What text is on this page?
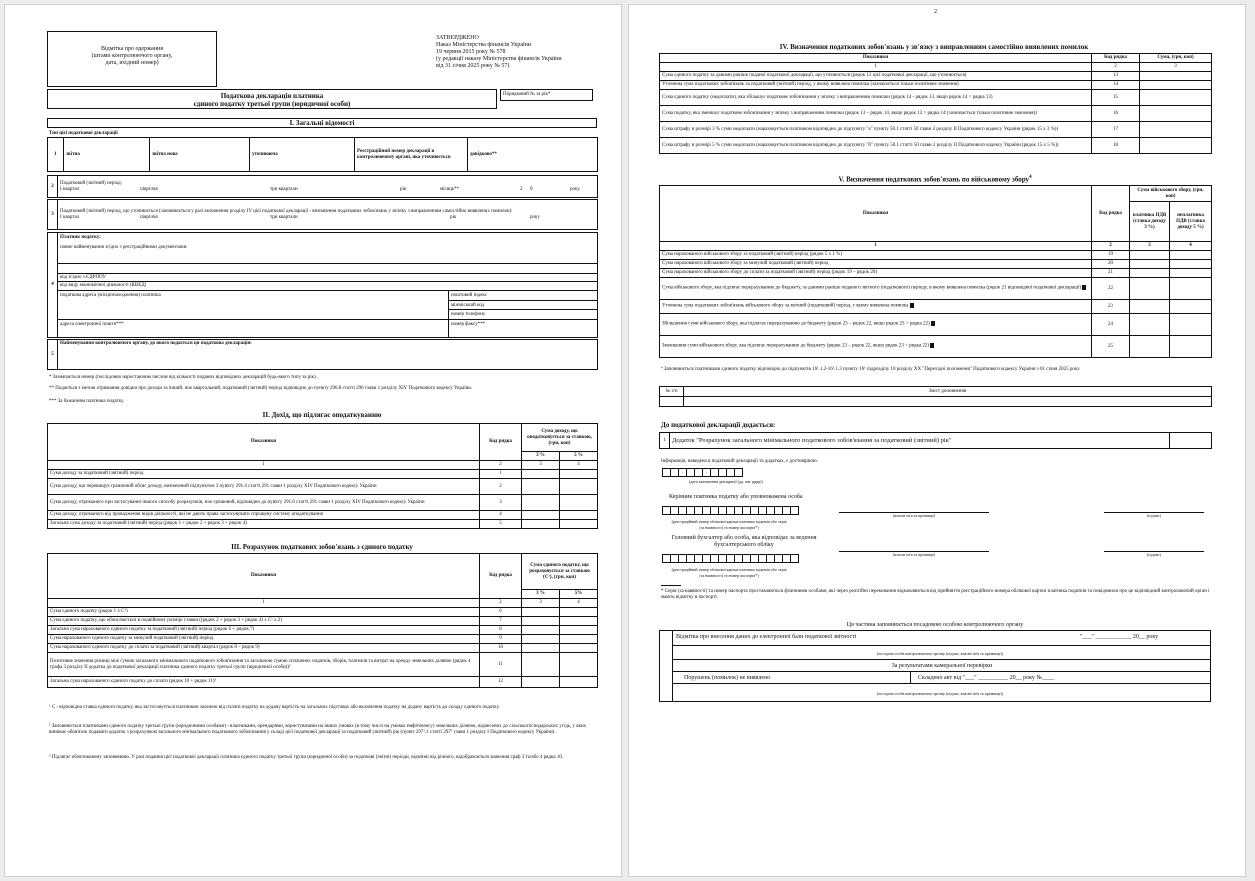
Відмітка про одержання
(штамп контролюючого органу,
дата, вхідний номер)
ЗАТВЕРДЖЕНО
Наказ Міністерства фінансів України
19 червня 2015 року № 578
(у редакції наказу Міністерства фінансів України
від 31 січня 2025 року № 57)
Податкова декларація платника
єдиного податку третьої групи (юридичної особи)
Порядковий № за рік*
I. Загальні відомості
Тип цієї податкової декларації
1	звітна	звітна нова	уточнююча	Реєстраційний номер декларації в контролюючому органі, яка уточнюється	довідково**
2	
Податковий (звітний) період:
I квартал	півріччя	три квартали	рік	місяць**	2	0	року
3	
Податковий (звітний) період, що уточнюється (заповнюється у разі заповнення розділу IV цієї податкової декларації - визначення податкових зобов'язань у зв'язку з виправленням самостійно виявлених помилок):
I квартал	півріччя	три квартали	рік	року
4	
Платник податку:
повне найменування згідно з реєстраційними документами:
код згідно з ЄДРПОУ
код виду економічної діяльності (КВЕД)
податкова адреса (місцезнаходження) платника	поштовий індекс
міжміський код
номер телефону
адреса електронної пошти***	номер факсу***
5	Найменування контролюючого органу, до якого подається ця податкова декларація:
* Зазначається номер (послідовно наростаючим числом від кількості поданих відповідних декларацій будь-якого типу за рік).
** Подається з метою отримання довідки про доходи за інший, ніж квартальний, податковий (звітний) період відповідно до пункту 296.8 статті 296 глави 1 розділу XIV Податкового кодексу України.
*** За бажанням платника податку.
II. Дохід, що підлягає оподаткуванню
Показники	Код рядка	Сума доходу, що оподатковується за ставкою, (грн, коп)	
		3 %	5 %
1	2	3	4
Сума доходу за податковий (звітний) період	1		
Сума доходу, що перевищує граничний обсяг доходу, визначений підпунктом 3 пункту 291.4 статті 291 глави 1 розділу XIV Податкового кодексу України	2		
Сума доходу, отриманого при застосуванні іншого способу розрахунків, ніж грошовий, відповідно до пункту 291.6 статті 291 глави 1 розділу XIV Податкового кодексу України	3		
Сума доходу, отриманого від провадження видів діяльності, які не дають права застосовувати спрощену систему оподаткування	4		
Загальна сума доходу за податковий (звітний) період (рядок 1 + рядок 2 + рядок 3 + рядок 4)	5		
III. Розрахунок податкових зобов'язань з єдиного податку
Показники	Код рядка	Сума єдиного податку, що розраховується за ставкою (С¹), (грн, коп)	
		3 %	5%
1	2	3	4
Сума єдиного податку (рядок 1 х С¹)	6		
Сума єдиного податку, що обчислюється в подвійному розмірі ставки ((рядок 2 + рядок 3 + рядок 4) х С¹ х 2)	7		
Загальна сума нарахованого єдиного податку за податковий (звітний) період (рядок 6 + рядок 7)	8		
Сума нарахованого єдиного податку за минулий податковий (звітний) період	9		
Сума нарахованого єдиного податку до сплати за податковий (звітний) квартал (рядок 8 – рядок 9)	10		
Позитивне значення різниці між сумою загального мінімального податкового зобов'язання та загальною сумою сплачених податків, зборів, платежів та витрат на оренду земельних ділянок (рядок 4 графа 3 розділу II додатка до податкової декларації платника єдиного податку третьої групи (юридичної особи))²	11		
Загальна сума нарахованого єдиного податку до сплати (рядок 10 + рядок 11)³	12		
¹ С - відповідна ставка єдиного податку, яка застосовується платником залежно від сплати податку на додану вартість на загальних підставах або включення податку на додану вартість до складу єдиного податку.
² Заповнюється платниками єдиного податку третьої групи (юридичними особами) - власниками, орендарями, користувачами на інших умовах (в тому числі на умовах емфітевзису) земельних ділянок, віднесених до сільськогосподарських угідь, у яких виникає обов'язок подавати додаток з розрахунком загального мінімального податкового зобов'язання у складі цієї податкової декларації за податковий (звітний) рік (пункт 297¹.1 статті 297¹ глави 1 розділу I Податкового кодексу України).
³ Підлягає обов'язковому заповненню. У разі подання цієї податкової декларації платника єдиного податку третьої групи (юридичної особи) за податкові (звітні) періоди, відмінні від річного, відображається значення граф 3 та/або 4 рядка 10.
2
IV. Визначення податкових зобов'язань у зв'язку з виправленням самостійно виявлених помилок
Показники	Код рядка	Сума, (грн, коп)
1	2	3
Сума єдиного податку за даними раніше поданої податкової декларації, що уточнюється (рядок 12 цієї податкової декларації, що уточнюється)	13	
Уточнена сума податкових зобов'язань за податковий (звітний) період, у якому виявлена помилка (зазначається тільки позитивне значення)	14	
Сума єдиного податку (недоплати), яка збільшує податкове зобов'язання у зв'язку з виправленням помилки (рядок 14 - рядок 13, якщо рядок 14 > рядка 13)	15	
Сума податку, яка зменшує податкове зобов'язання у зв'язку з виправленням помилки (рядок 13 – рядок 14, якщо рядок 13 > рядка 14 (зазначається тільки позитивне значення))	16	
Сума штрафу в розмірі 3 % суми недоплати (нараховується платником відповідно до підпункту "а" пункту 50.1 статті 50 глави 2 розділу II Податкового кодексу України (рядок 15 х 3 %))	17	
Сума штрафу в розмірі 5 % суми недоплати (нараховується платником відповідно до підпункту "б" пункту 50.1 статті 50 глави 2 розділу II Податкового кодексу України (рядок 15 х 5 %))	18	
V. Визначення податкових зобов'язань по військовому збору$^4$
Показники	Код рядка	Сума військового збору, (грн, коп)	
		платника ПДВ (ставка доходу 3 %)	неплатника ПДВ (ставка доходу 5 %)
1	2	3	4
Сума нарахованого військового збору за податковий (звітний) період (рядок 5 х 1 %)	19		
Сума нарахованого військового збору за минулий податковий (звітний) період	20		
Сума нарахованого військового збору до сплати за податковий (звітний) період (рядок 19 – рядок 20)	21		
Сума військового збору, яка підлягає перерахуванню до бюджету, за даними раніше поданого звітного (податкового) періоду, в якому виявлена помилка (рядок 21 відповідної податкової декларації)	22		
Уточнена сума податкових зобов'язань військового збору за звітний (податковий) період, у якому виявлена помилка	23		
Збільшення суми військового збору, яка підлягає перерахуванню до бюджету (рядок 23 – рядок 22, якщо рядок 23 > рядка 22)	24		
Зменшення суми військового збору, яка підлягає перерахуванню до бюджету (рядок 23 – рядок 22, якщо рядок 23 < рядка 22)	25		
⁴ Заповнюється платниками єдиного податку відповідно до підпунктів 16¹.1.2-16¹.1.3 пункту 16¹ підрозділу 10 розділу XX "Перехідні положення" Податкового кодексу України з 01 січня 2025 року
№ з/п	Зміст доповнення

До податкової декларації додається:
1	Додаток "Розрахунок загального мінімального податкового зобов'язання за податковий (звітний) рік"	
Інформація, наведена в податковій декларації та додатках, є достовірною.
.	.
(дата заповнення декларації (дд. мм. рррр))
Керівник платника податку або уповноважена особа
(реєстраційний номер облікової картки платника податків або серія (за наявності) та номер паспорта*)
(власне ім'я та прізвище)	(підпис)
Головний бухгалтер або особа, яка відповідає за ведення бухгалтерського обліку
(реєстраційний номер облікової картки платника податків або серія (за наявності) та номер паспорта*)
(власне ім'я та прізвище)	(підпис)
* Серія (за наявності) та номер паспорта проставляються фізичними особами, які через релігійні переконання відмовляються від прийняття реєстраційного номера облікової картки платника податків та повідомили про це відповідний контролюючий орган і мають відмітку в паспорті.
Ця частина заповнюється посадовою особою контролюючого органу
Відмітка про внесення даних до електронної бази податкової звітності	"___" ____________ 20__ року
(посадова особа контролюючого органу (підпис, власне ім'я та прізвище))
За результатами камеральної перевірки
Порушень (помилок) не виявлено	Складено акт від "___" __________ 20__ року №____
(посадова особа контролюючого органу (підпис, власне ім'я та прізвище))
